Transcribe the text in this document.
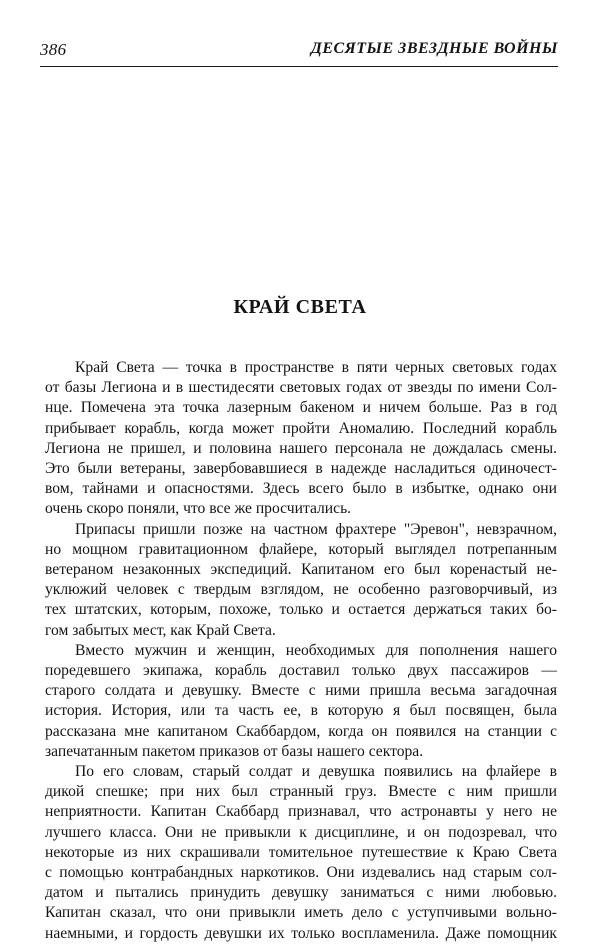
386	ДЕСЯТЫЕ ЗВЕЗДНЫЕ ВОЙНЫ
КРАЙ СВЕТА
Край Света — точка в пространстве в пяти черных световых годах
от базы Легиона и в шестидесяти световых годах от звезды по имени Сол-
нце. Помечена эта точка лазерным бакеном и ничем больше. Раз в год
прибывает корабль, когда может пройти Аномалию. Последний корабль
Легиона не пришел, и половина нашего персонала не дождалась смены.
Это были ветераны, завербовавшиеся в надежде насладиться одиночест-
вом, тайнами и опасностями. Здесь всего было в избытке, однако они
очень скоро поняли, что все же просчитались.
Припасы пришли позже на частном фрахтере "Эревон", невзрачном,
но мощном гравитационном флайере, который выглядел потрепанным
ветераном незаконных экспедиций. Капитаном его был коренастый не-
уклюжий человек с твердым взглядом, не особенно разговорчивый, из
тех штатских, которым, похоже, только и остается держаться таких бо-
гом забытых мест, как Край Света.
Вместо мужчин и женщин, необходимых для пополнения нашего
поредевшего экипажа, корабль доставил только двух пассажиров —
старого солдата и девушку. Вместе с ними пришла весьма загадочная
история. История, или та часть ее, в которую я был посвящен, была
рассказана мне капитаном Скаббардом, когда он появился на станции с
запечатанным пакетом приказов от базы нашего сектора.
По его словам, старый солдат и девушка появились на флайере в
дикой спешке; при них был странный груз. Вместе с ним пришли
неприятности. Капитан Скаббард признавал, что астронавты у него не
лучшего класса. Они не привыкли к дисциплине, и он подозревал, что
некоторые из них скрашивали томительное путешествие к Краю Света
с помощью контрабандных наркотиков. Они издевались над старым сол-
датом и пытались принудить девушку заниматься с ними любовью.
Капитан сказал, что они привыкли иметь дело с уступчивыми вольно-
наемными, и гордость девушки их только воспламенила. Даже помощник
